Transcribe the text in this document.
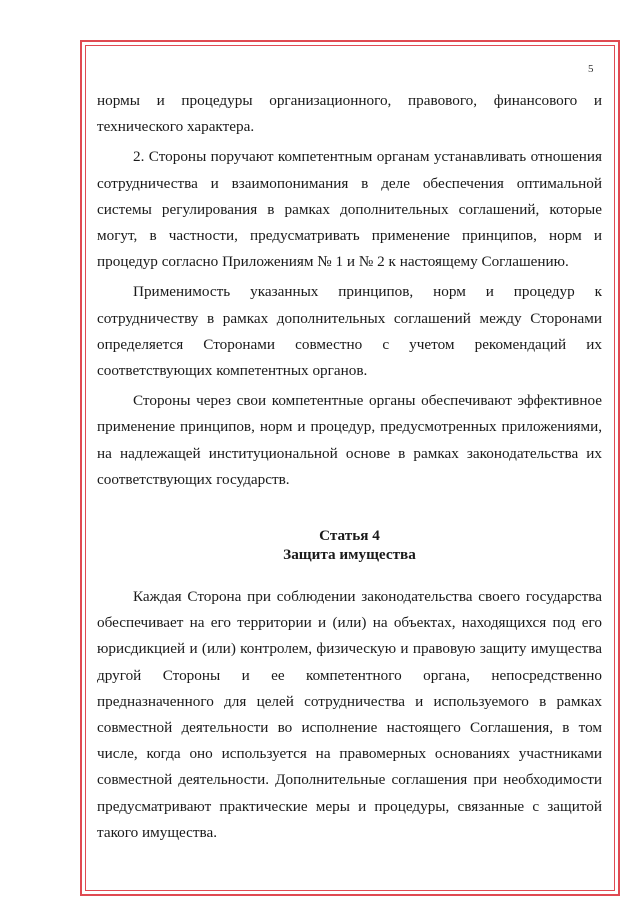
5

нормы и процедуры организационного, правового, финансового и технического характера.

2. Стороны поручают компетентным органам устанавливать отношения сотрудничества и взаимопонимания в деле обеспечения оптимальной системы регулирования в рамках дополнительных соглашений, которые могут, в частности, предусматривать применение принципов, норм и процедур согласно Приложениям № 1 и № 2 к настоящему Соглашению.

Применимость указанных принципов, норм и процедур к сотрудничеству в рамках дополнительных соглашений между Сторонами определяется Сторонами совместно с учетом рекомендаций их соответствующих компетентных органов.

Стороны через свои компетентные органы обеспечивают эффективное применение принципов, норм и процедур, предусмотренных приложениями, на надлежащей институциональной основе в рамках законодательства их соответствующих государств.

Статья 4
Защита имущества

Каждая Сторона при соблюдении законодательства своего государства обеспечивает на его территории и (или) на объектах, находящихся под его юрисдикцией и (или) контролем, физическую и правовую защиту имущества другой Стороны и ее компетентного органа, непосредственно предназначенного для целей сотрудничества и используемого в рамках совместной деятельности во исполнение настоящего Соглашения, в том числе, когда оно используется на правомерных основаниях участниками совместной деятельности. Дополнительные соглашения при необходимости предусматривают практические меры и процедуры, связанные с защитой такого имущества.
